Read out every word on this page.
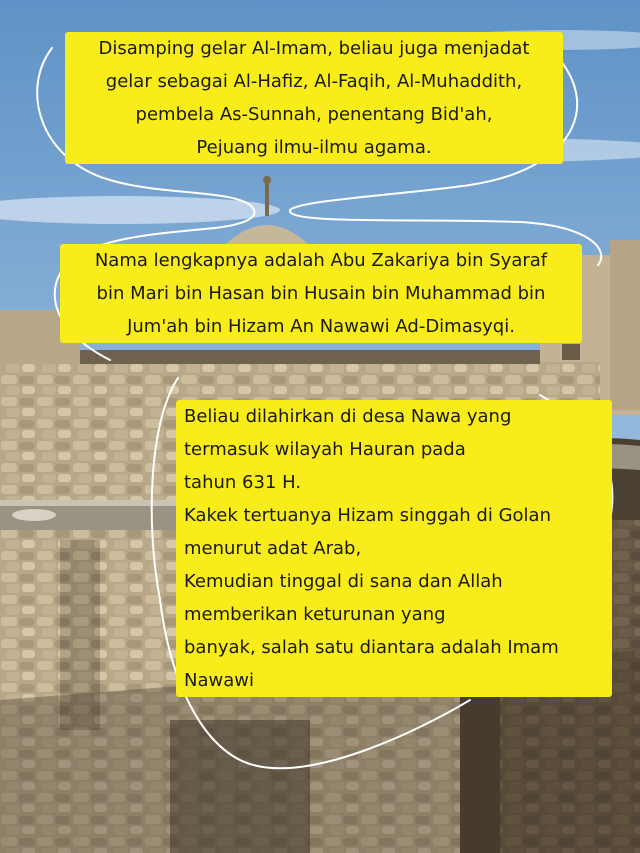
Disamping gelar Al-Imam, beliau juga menjadat
gelar sebagai Al-Hafiz, Al-Faqih, Al-Muhaddith,
pembela As-Sunnah, penentang Bid'ah,
Pejuang ilmu-ilmu agama.
Nama lengkapnya adalah Abu Zakariya bin Syaraf
bin Mari bin Hasan bin Husain bin Muhammad bin
Jum'ah bin Hizam An Nawawi Ad-Dimasyqi.
Beliau dilahirkan di desa Nawa yang
termasuk wilayah Hauran pada
tahun 631 H.
Kakek tertuanya Hizam singgah di Golan
menurut adat Arab,
Kemudian tinggal di sana dan Allah
memberikan keturunan yang
banyak, salah satu diantara adalah Imam
Nawawi
